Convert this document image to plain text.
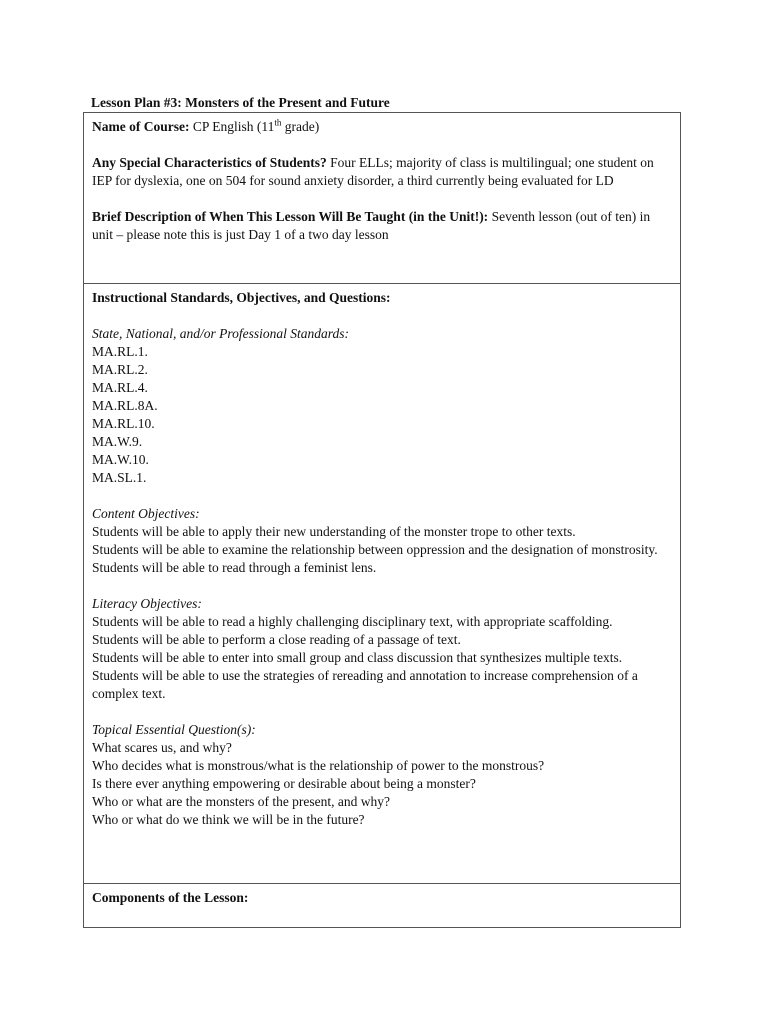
Lesson Plan #3: Monsters of the Present and Future

Name of Course: CP English (11th grade)

Any Special Characteristics of Students? Four ELLs; majority of class is multilingual; one student on IEP for dyslexia, one on 504 for sound anxiety disorder, a third currently being evaluated for LD

Brief Description of When This Lesson Will Be Taught (in the Unit!): Seventh lesson (out of ten) in unit – please note this is just Day 1 of a two day lesson

Instructional Standards, Objectives, and Questions:

State, National, and/or Professional Standards:

MA.RL.1.

MA.RL.2.

MA.RL.4.

MA.RL.8A.

MA.RL.10.

MA.W.9.

MA.W.10.

MA.SL.1.

Content Objectives:

Students will be able to apply their new understanding of the monster trope to other texts.

Students will be able to examine the relationship between oppression and the designation of monstrosity.

Students will be able to read through a feminist lens.

Literacy Objectives:

Students will be able to read a highly challenging disciplinary text, with appropriate scaffolding.

Students will be able to perform a close reading of a passage of text.

Students will be able to enter into small group and class discussion that synthesizes multiple texts.

Students will be able to use the strategies of rereading and annotation to increase comprehension of a complex text.

Topical Essential Question(s):

What scares us, and why?

Who decides what is monstrous/what is the relationship of power to the monstrous?

Is there ever anything empowering or desirable about being a monster?

Who or what are the monsters of the present, and why?

Who or what do we think we will be in the future?

Components of the Lesson:
